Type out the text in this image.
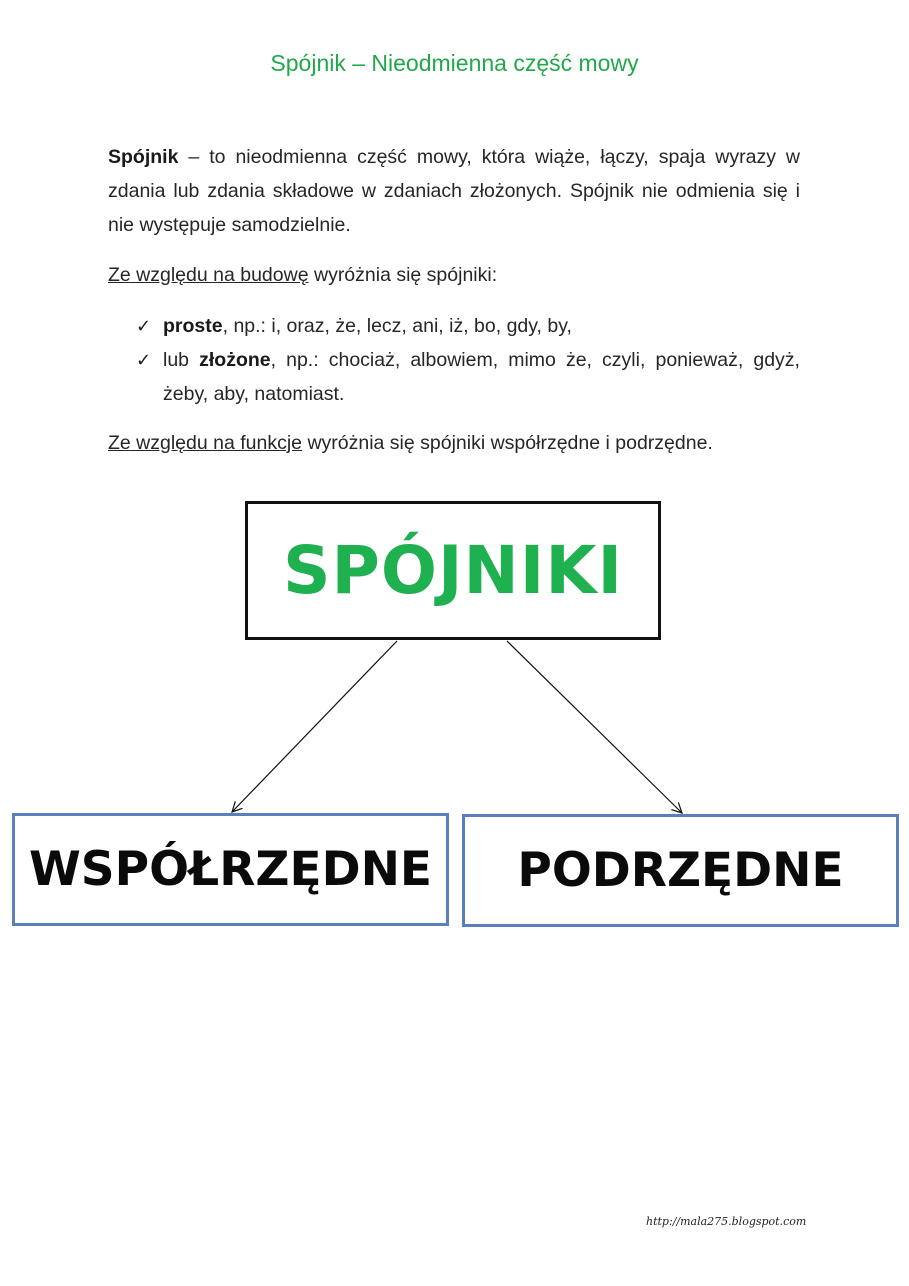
Spójnik – Nieodmienna część mowy

Spójnik – to nieodmienna część mowy, która wiąże, łączy, spaja wyrazy w zdania lub zdania składowe w zdaniach złożonych. Spójnik nie odmienia się i nie występuje samodzielnie.

Ze względu na budowę wyróżnia się spójniki:

✓ proste, np.: i, oraz, że, lecz, ani, iż, bo, gdy, by,
✓ lub złożone, np.: chociaż, albowiem, mimo że, czyli, ponieważ, gdyż, żeby, aby, natomiast.

Ze względu na funkcje wyróżnia się spójniki współrzędne i podrzędne.

SPÓJNIKI
WSPÓŁRZĘDNE PODRZĘDNE
http://mala275.blogspot.com
